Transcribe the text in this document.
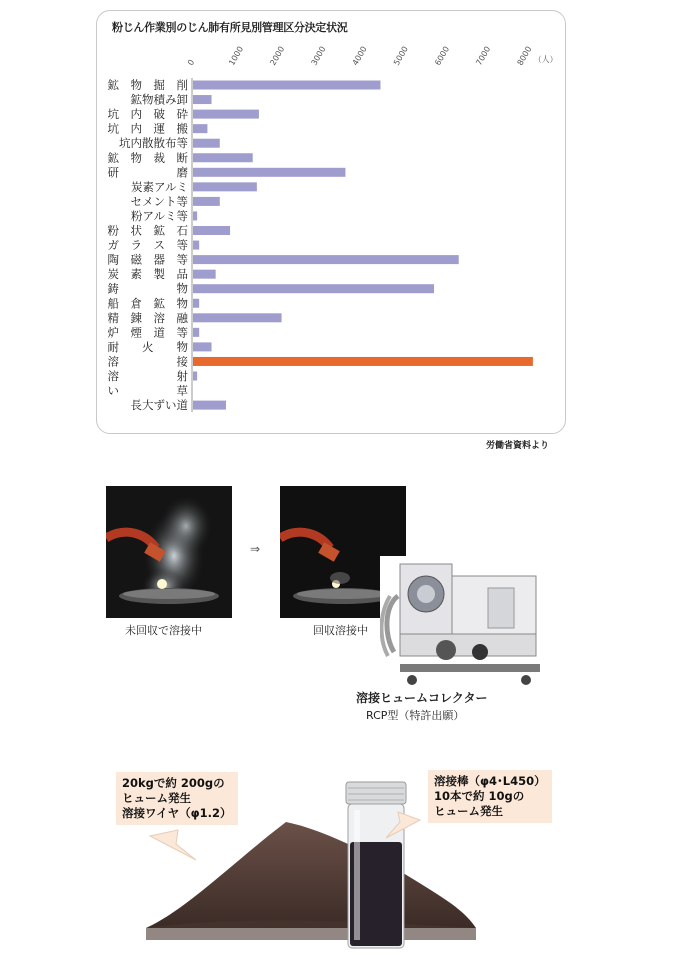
粉じん作業別のじん肺有所見別管理区分決定状況
0	1000	2000	3000	4000	5000	6000	7000	8000 （人）
鉱　物　掘　削
鉱物積み卸
坑　内　破　砕
坑　内　運　搬
坑内散散布等
鉱　物　裁　断
研　　　　　磨
炭素アルミ
セメント等
粉アルミ等
粉　状　鉱　石
ガ　ラ　ス　等
陶　磁　器　等
炭　素　製　品
鋳　　　　　物
船　倉　鉱　物
精　錬　溶　融
炉　煙　道　等
耐　　火　　物
溶　　　　　接
溶　　　　　射
い　　　　　草
長大ずい道
労働省資料より
未回収で溶接中
⇒
回収溶接中
溶接ヒュームコレクター
RCP型（特許出願）
20kgで約 200gの
ヒューム発生
溶接ワイヤ（φ1.2）
溶接棒（φ4･L450）
10本で約 10gの
ヒューム発生
